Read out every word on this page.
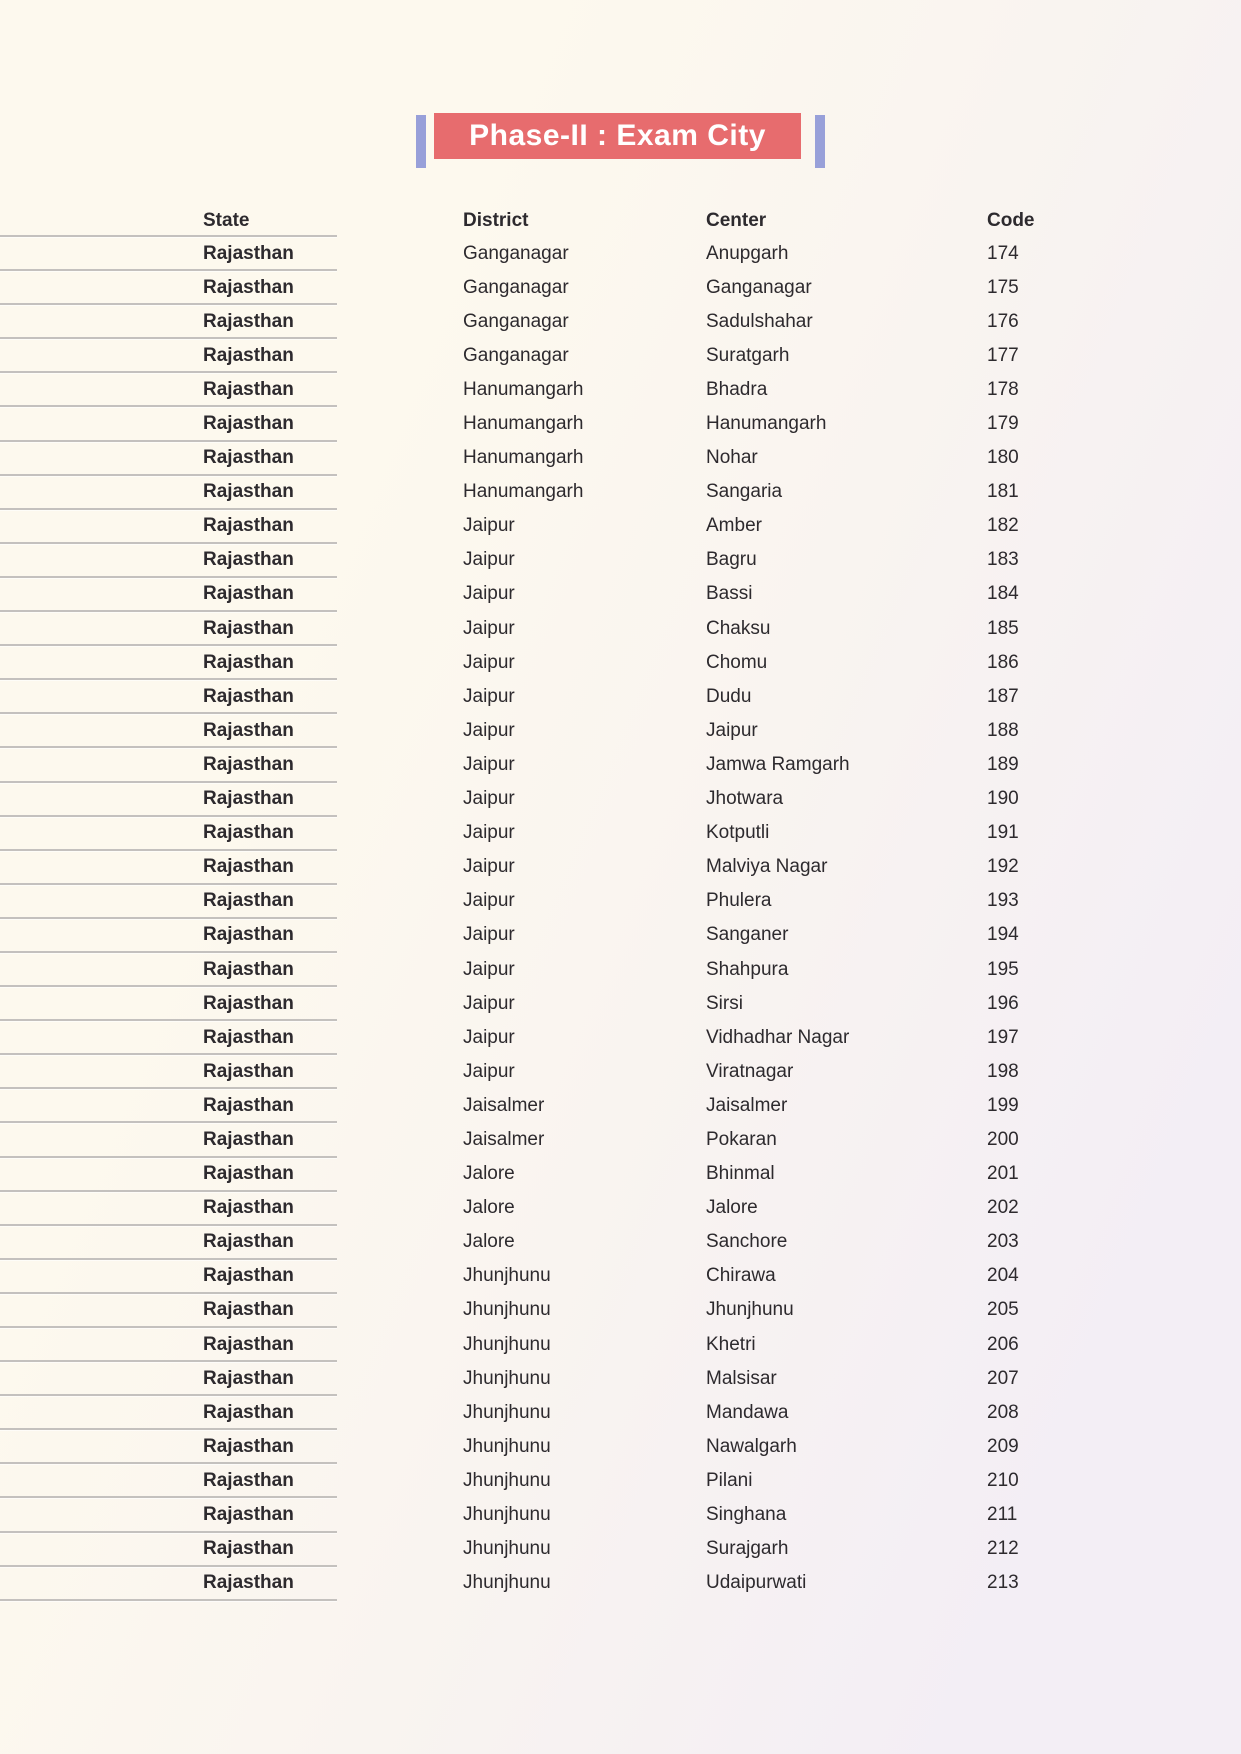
Phase-II : Exam City
State	District	Center	Code
Rajasthan	Ganganagar	Anupgarh	174
Rajasthan	Ganganagar	Ganganagar	175
Rajasthan	Ganganagar	Sadulshahar	176
Rajasthan	Ganganagar	Suratgarh	177
Rajasthan	Hanumangarh	Bhadra	178
Rajasthan	Hanumangarh	Hanumangarh	179
Rajasthan	Hanumangarh	Nohar	180
Rajasthan	Hanumangarh	Sangaria	181
Rajasthan	Jaipur	Amber	182
Rajasthan	Jaipur	Bagru	183
Rajasthan	Jaipur	Bassi	184
Rajasthan	Jaipur	Chaksu	185
Rajasthan	Jaipur	Chomu	186
Rajasthan	Jaipur	Dudu	187
Rajasthan	Jaipur	Jaipur	188
Rajasthan	Jaipur	Jamwa Ramgarh	189
Rajasthan	Jaipur	Jhotwara	190
Rajasthan	Jaipur	Kotputli	191
Rajasthan	Jaipur	Malviya Nagar	192
Rajasthan	Jaipur	Phulera	193
Rajasthan	Jaipur	Sanganer	194
Rajasthan	Jaipur	Shahpura	195
Rajasthan	Jaipur	Sirsi	196
Rajasthan	Jaipur	Vidhadhar Nagar	197
Rajasthan	Jaipur	Viratnagar	198
Rajasthan	Jaisalmer	Jaisalmer	199
Rajasthan	Jaisalmer	Pokaran	200
Rajasthan	Jalore	Bhinmal	201
Rajasthan	Jalore	Jalore	202
Rajasthan	Jalore	Sanchore	203
Rajasthan	Jhunjhunu	Chirawa	204
Rajasthan	Jhunjhunu	Jhunjhunu	205
Rajasthan	Jhunjhunu	Khetri	206
Rajasthan	Jhunjhunu	Malsisar	207
Rajasthan	Jhunjhunu	Mandawa	208
Rajasthan	Jhunjhunu	Nawalgarh	209
Rajasthan	Jhunjhunu	Pilani	210
Rajasthan	Jhunjhunu	Singhana	211
Rajasthan	Jhunjhunu	Surajgarh	212
Rajasthan	Jhunjhunu	Udaipurwati	213
